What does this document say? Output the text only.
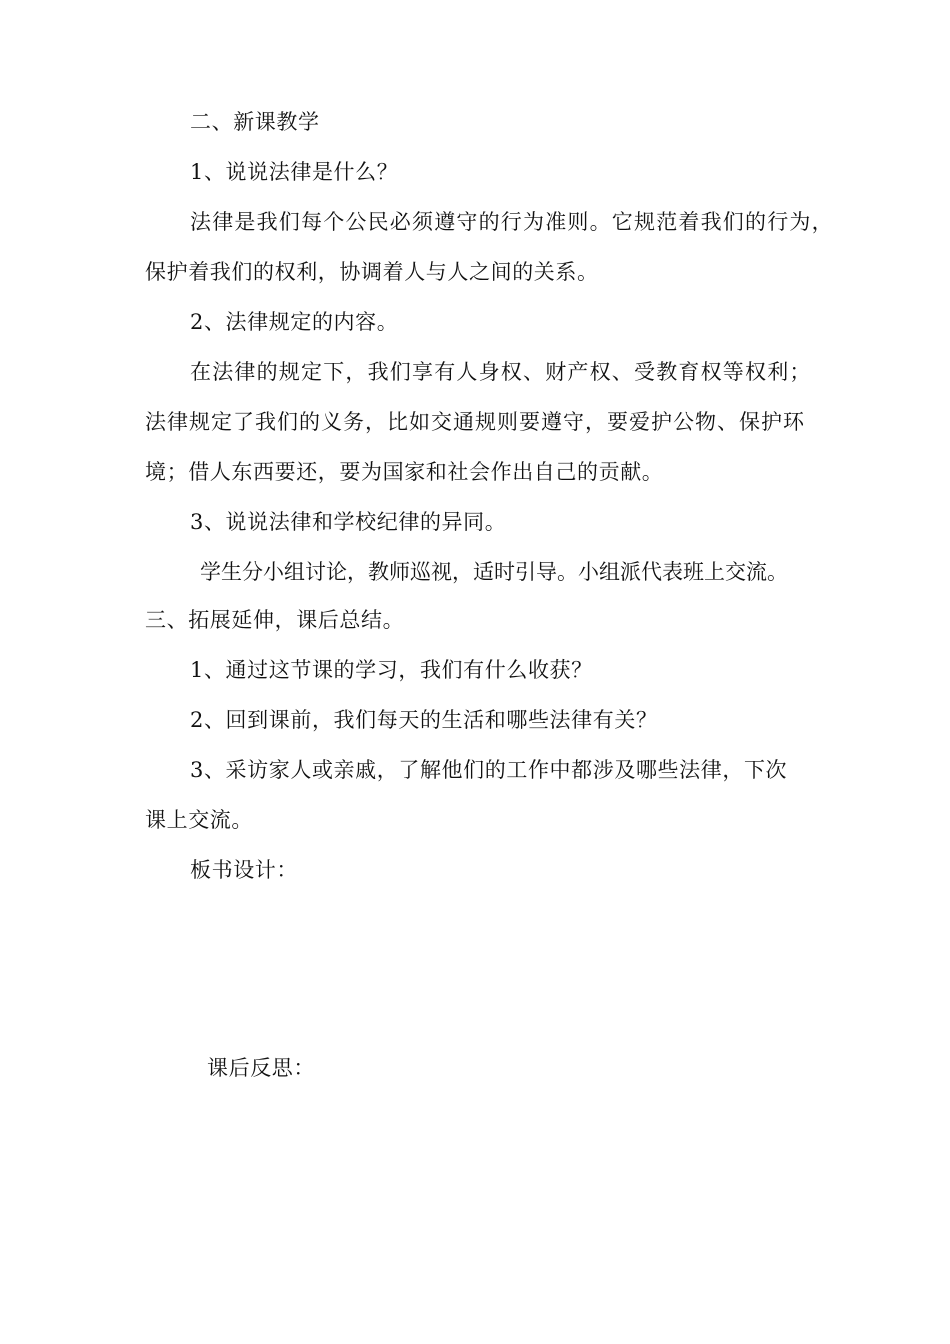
二、新课教学
1、说说法律是什么？
法律是我们每个公民必须遵守的行为准则。它规范着我们的行为，
保护着我们的权利，协调着人与人之间的关系。
2、法律规定的内容。
在法律的规定下，我们享有人身权、财产权、受教育权等权利；
法律规定了我们的义务，比如交通规则要遵守，要爱护公物、保护环
境；借人东西要还，要为国家和社会作出自己的贡献。
3、说说法律和学校纪律的异同。
学生分小组讨论，教师巡视，适时引导。小组派代表班上交流。
三、拓展延伸，课后总结。
1、通过这节课的学习，我们有什么收获？
2、回到课前，我们每天的生活和哪些法律有关？
3、采访家人或亲戚，了解他们的工作中都涉及哪些法律，下次
课上交流。
板书设计：
课后反思：
